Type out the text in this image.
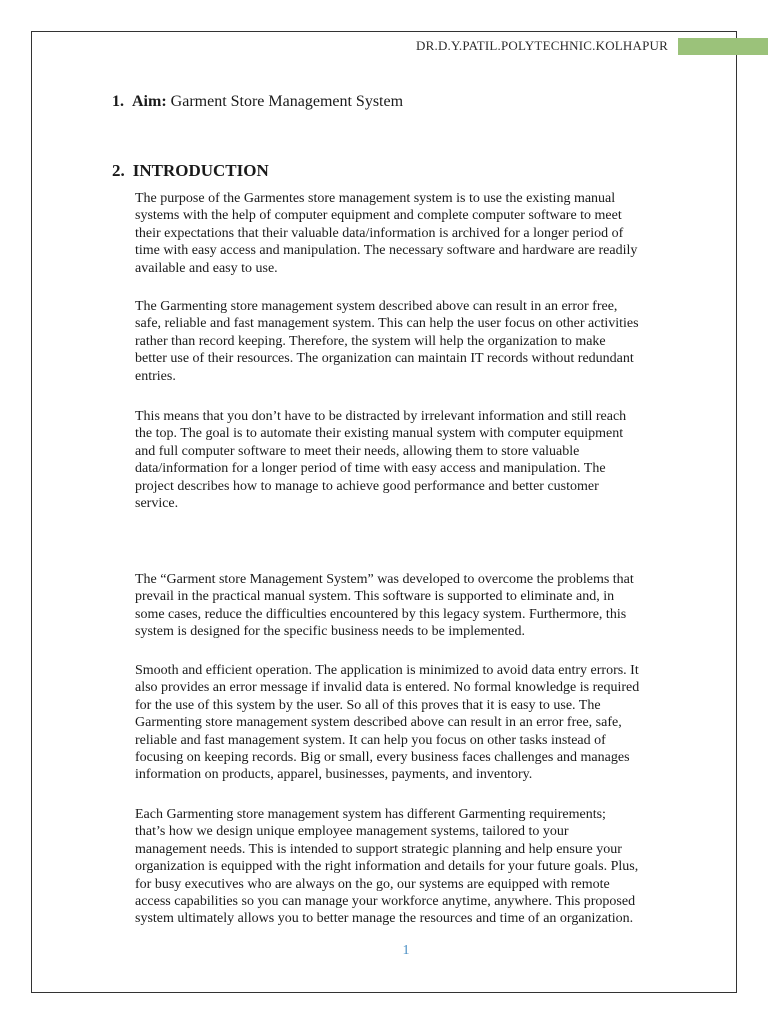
DR.D.Y.PATIL.POLYTECHNIC.KOLHAPUR
1. Aim: Garment Store Management System
2. INTRODUCTION
The purpose of the Garmentes store management system is to use the existing manual
systems with the help of computer equipment and complete computer software to meet
their expectations that their valuable data/information is archived for a longer period of
time with easy access and manipulation. The necessary software and hardware are readily
available and easy to use.
The Garmenting store management system described above can result in an error free,
safe, reliable and fast management system. This can help the user focus on other activities
rather than record keeping. Therefore, the system will help the organization to make
better use of their resources. The organization can maintain IT records without redundant
entries.
This means that you don’t have to be distracted by irrelevant information and still reach
the top. The goal is to automate their existing manual system with computer equipment
and full computer software to meet their needs, allowing them to store valuable
data/information for a longer period of time with easy access and manipulation. The
project describes how to manage to achieve good performance and better customer
service.
The “Garment store Management System” was developed to overcome the problems that
prevail in the practical manual system. This software is supported to eliminate and, in
some cases, reduce the difficulties encountered by this legacy system. Furthermore, this
system is designed for the specific business needs to be implemented.
Smooth and efficient operation. The application is minimized to avoid data entry errors. It
also provides an error message if invalid data is entered. No formal knowledge is required
for the use of this system by the user. So all of this proves that it is easy to use. The
Garmenting store management system described above can result in an error free, safe,
reliable and fast management system. It can help you focus on other tasks instead of
focusing on keeping records. Big or small, every business faces challenges and manages
information on products, apparel, businesses, payments, and inventory.
Each Garmenting store management system has different Garmenting requirements;
that’s how we design unique employee management systems, tailored to your
management needs. This is intended to support strategic planning and help ensure your
organization is equipped with the right information and details for your future goals. Plus,
for busy executives who are always on the go, our systems are equipped with remote
access capabilities so you can manage your workforce anytime, anywhere. This proposed
system ultimately allows you to better manage the resources and time of an organization.
1
